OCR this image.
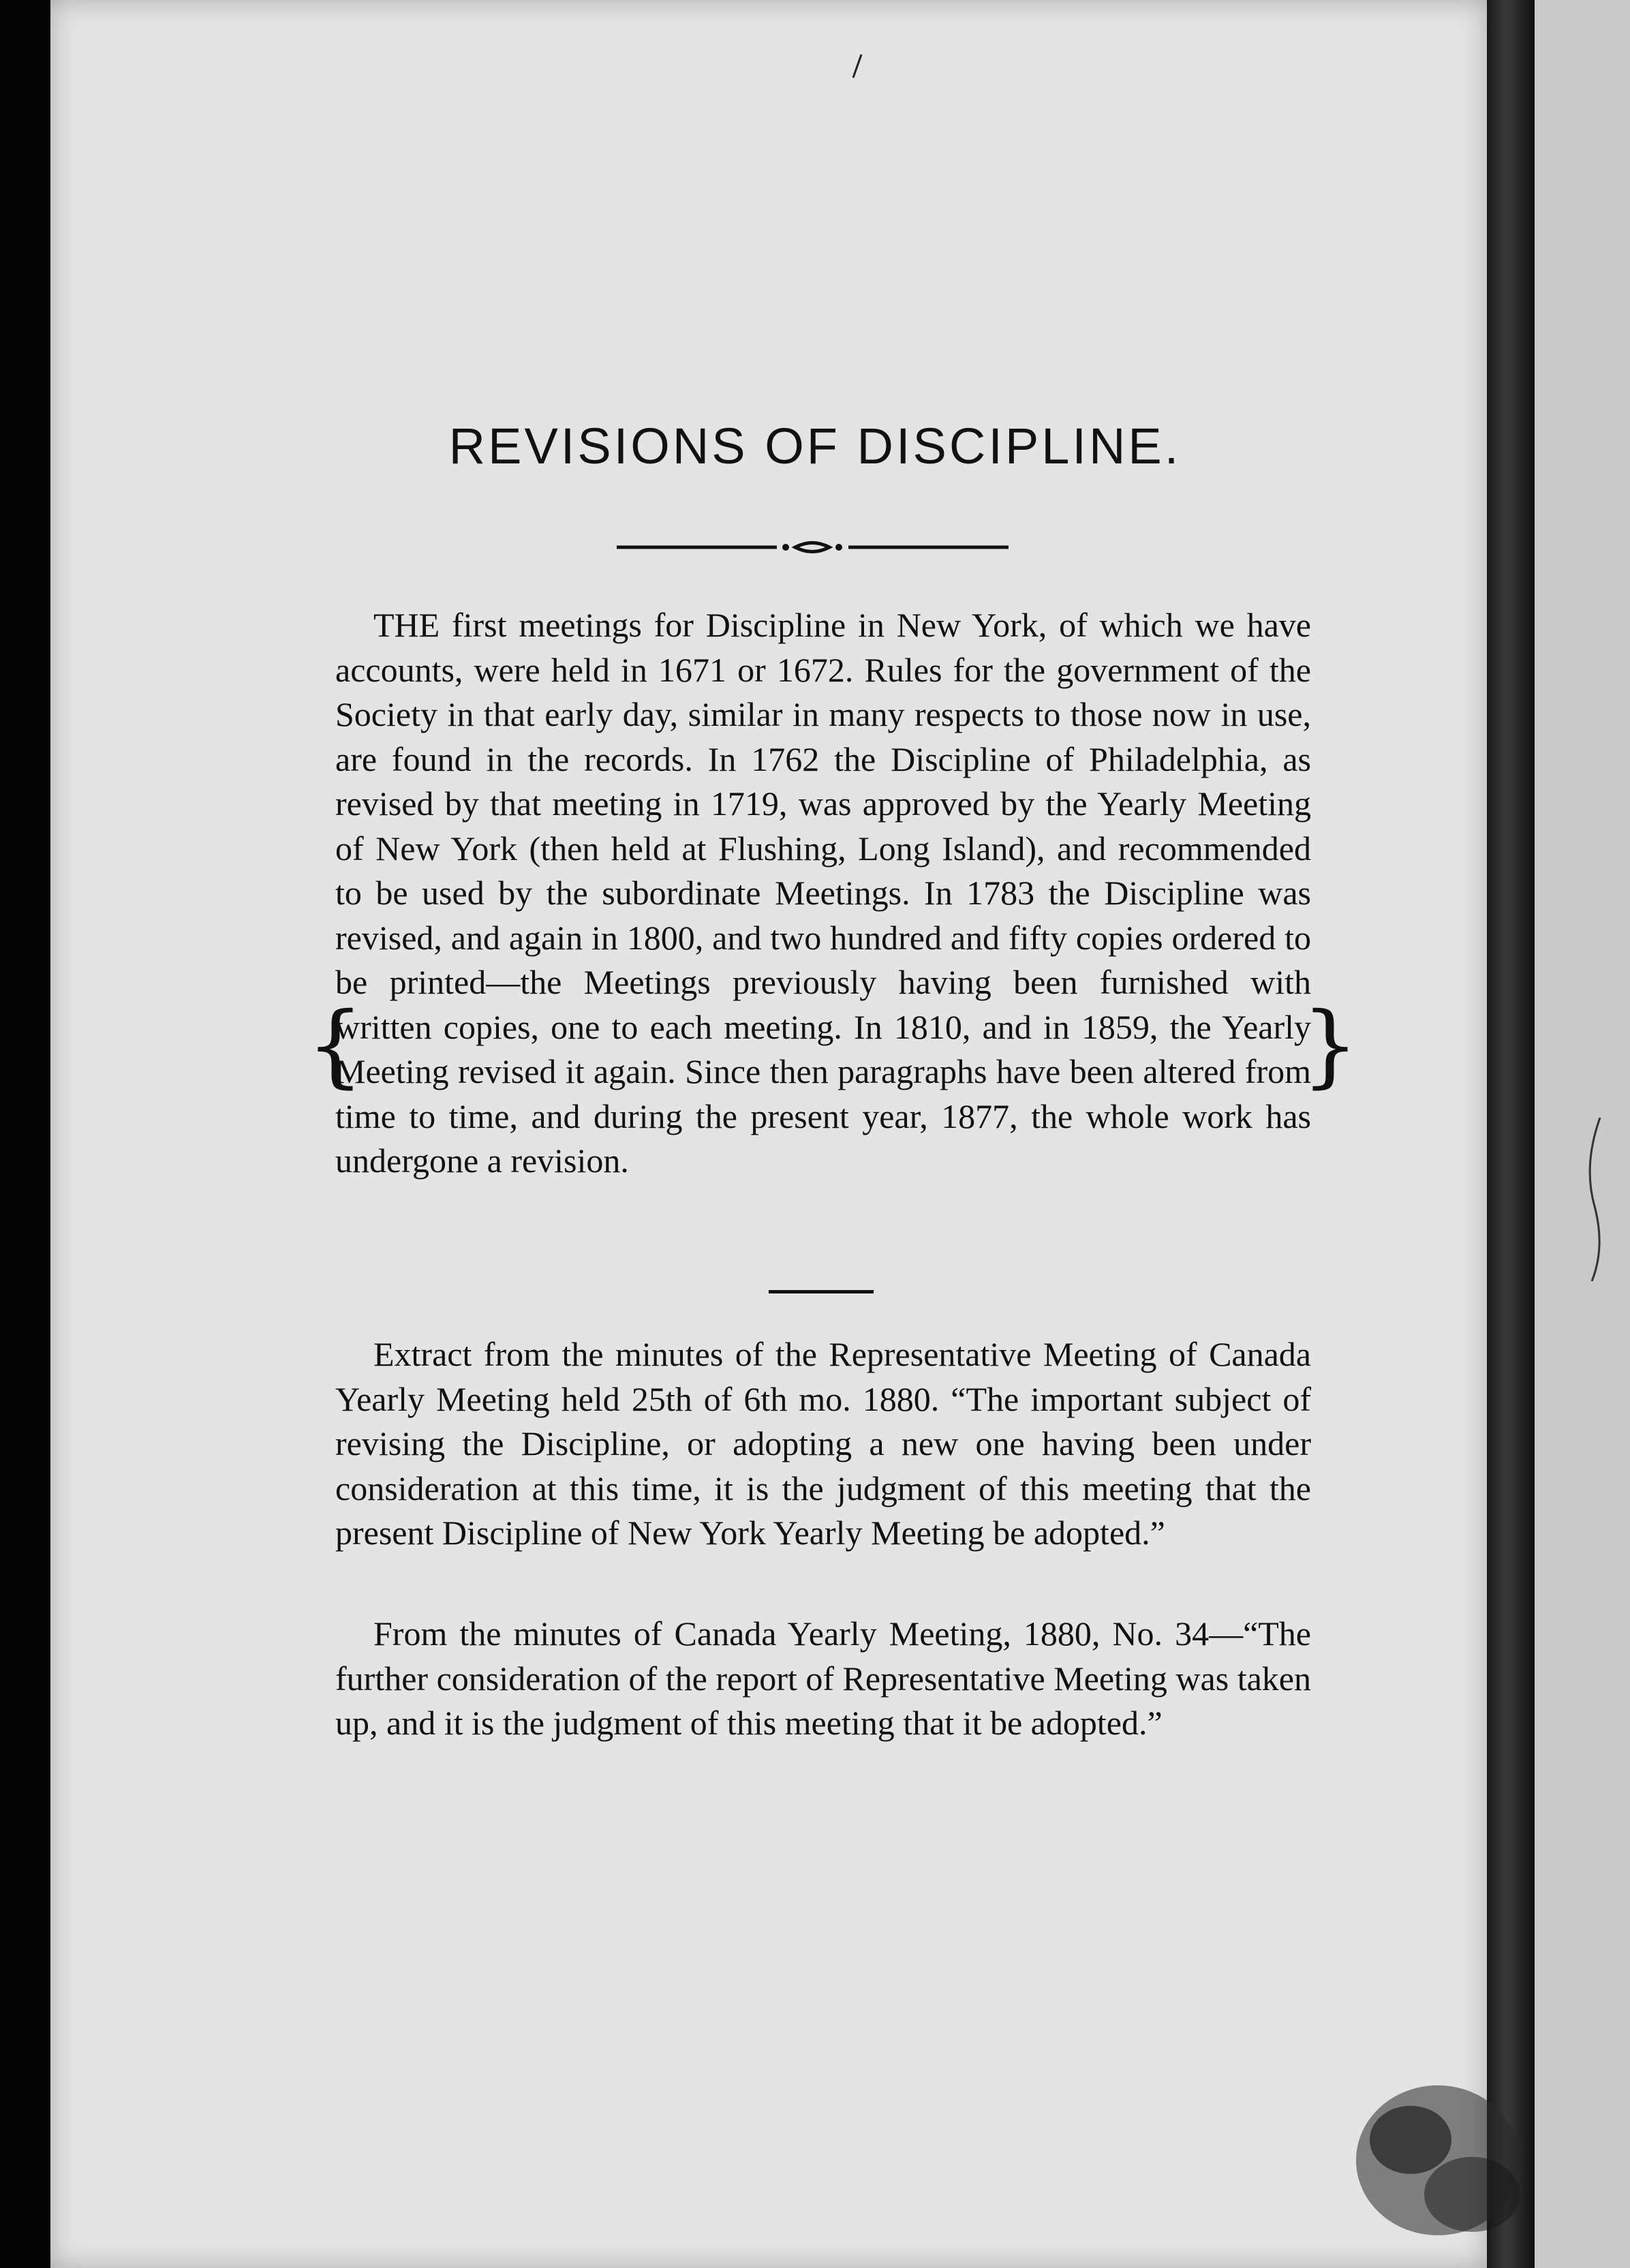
REVISIONS OF DISCIPLINE.

THE first meetings for Discipline in New York, of which we have accounts, were held in 1671 or 1672. Rules for the government of the Society in that early day, similar in many respects to those now in use, are found in the records. In 1762 the Discipline of Philadelphia, as revised by that meeting in 1719, was approved by the Yearly Meeting of New York (then held at Flushing, Long Island), and recommended to be used by the subordinate Meetings. In 1783 the Discipline was revised, and again in 1800, and two hundred and fifty copies ordered to be printed—the Meetings previously having been furnished with written copies, one to each meeting. In 1810, and in 1859, the Yearly Meeting revised it again. Since then paragraphs have been altered from time to time, and during the present year, 1877, the whole work has undergone a revision.

{	}

Extract from the minutes of the Representative Meeting of Canada Yearly Meeting held 25th of 6th mo. 1880. “The important subject of revising the Discipline, or adopting a new one having been under consideration at this time, it is the judgment of this meeting that the present Discipline of New York Yearly Meeting be adopted.”

From the minutes of Canada Yearly Meeting, 1880, No. 34—“The further consideration of the report of Representative Meeting was taken up, and it is the judgment of this meeting that it be adopted.”
